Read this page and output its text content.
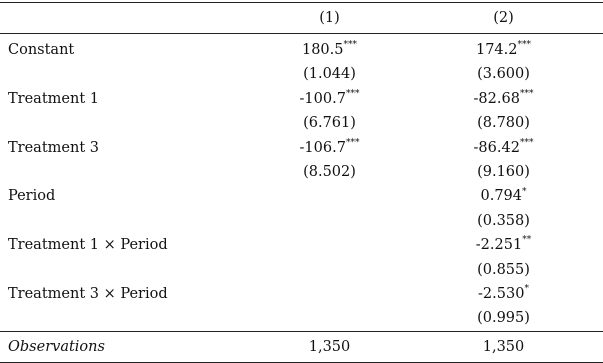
	(1)	(2)
Constant	180.5***	174.2***
	(1.044)	(3.600)
Treatment 1	-100.7***	-82.68***
	(6.761)	(8.780)
Treatment 3	-106.7***	-86.42***
	(8.502)	(9.160)
Period		0.794*
		(0.358)
Treatment 1 × Period		-2.251**
		(0.855)
Treatment 3 × Period		-2.530*
		(0.995)
Observations	1,350	1,350
